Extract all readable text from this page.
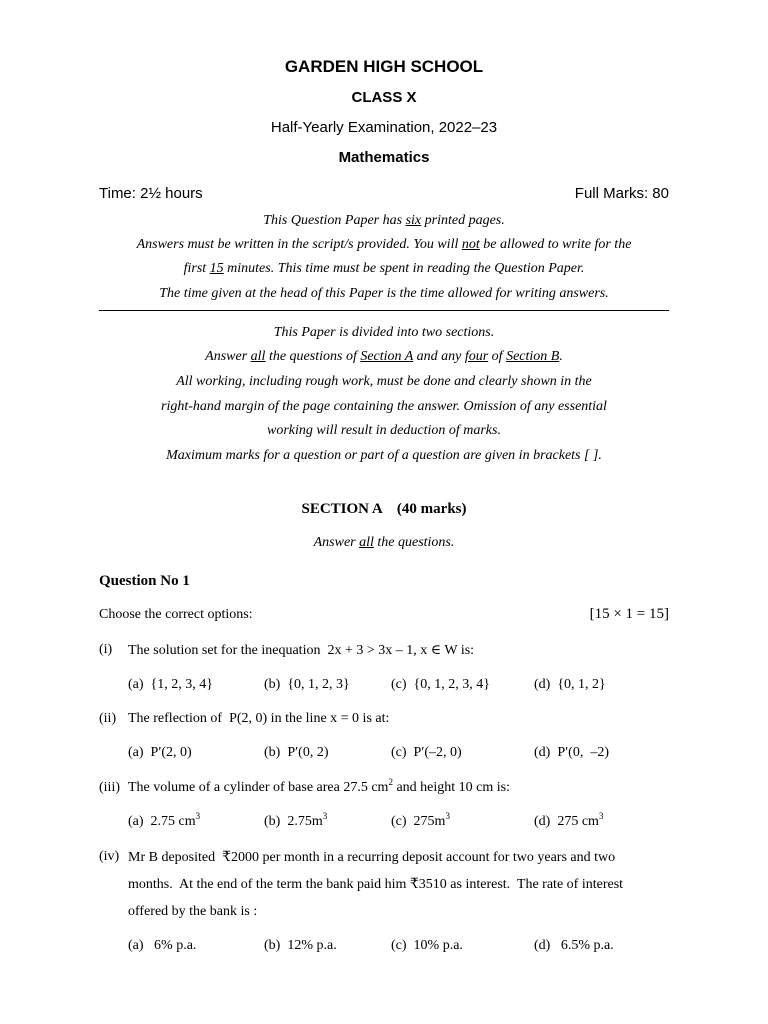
GARDEN HIGH SCHOOL
CLASS X
Half-Yearly Examination, 2022–23
Mathematics
Time: 2½ hours	Full Marks: 80
This Question Paper has six printed pages.
Answers must be written in the script/s provided. You will not be allowed to write for the
first 15 minutes. This time must be spent in reading the Question Paper.
The time given at the head of this Paper is the time allowed for writing answers.
This Paper is divided into two sections.
Answer all the questions of Section A and any four of Section B.
All working, including rough work, must be done and clearly shown in the
right-hand margin of the page containing the answer. Omission of any essential
working will result in deduction of marks.
Maximum marks for a question or part of a question are given in brackets [ ].
SECTION A    (40 marks)
Answer all the questions.
Question No 1
Choose the correct options:	[15 × 1 = 15]
(i) The solution set for the inequation  2x + 3 > 3x – 1, x ∈ W is:
(a)  {1, 2, 3, 4}	(b)  {0, 1, 2, 3}	(c)  {0, 1, 2, 3, 4}	(d)  {0, 1, 2}
(ii) The reflection of  P(2, 0) in the line x = 0 is at:
(a)  P′(2, 0)	(b)  P′(0, 2)	(c)  P′(–2, 0)	(d)  P′(0,  –2)
(iii) The volume of a cylinder of base area 27.5 $cm^2$ and height 10 cm is:
(a)  2.75 $cm^3$	(b)  $2.75m^3$	(c)  $275m^3$	(d)  275 $cm^3$
(iv) Mr B deposited  ₹2000 per month in a recurring deposit account for two years and two
months.  At the end of the term the bank paid him ₹3510 as interest.  The rate of interest
offered by the bank is :
(a)   6% p.a.	(b)  12% p.a.	(c)  10% p.a.	(d)   6.5% p.a.
